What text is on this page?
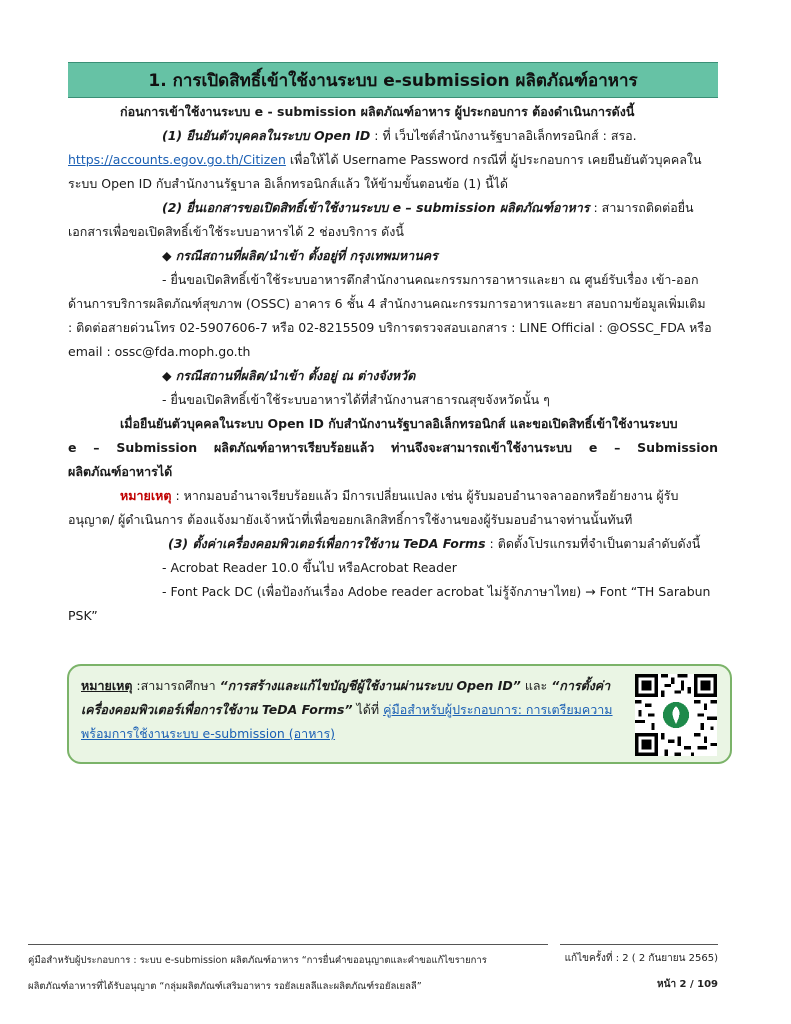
1. การเปิดสิทธิ์เข้าใช้งานระบบ e-submission ผลิตภัณฑ์อาหาร
ก่อนการเข้าใช้งานระบบ e - submission ผลิตภัณฑ์อาหาร ผู้ประกอบการ ต้องดำเนินการดังนี้
(1) ยืนยันตัวบุคคลในระบบ Open ID : ที่ เว็บไซต์สำนักงานรัฐบาลอิเล็กทรอนิกส์ : สรอ.
https://accounts.egov.go.th/Citizen เพื่อให้ได้ Username Password กรณีที่ ผู้ประกอบการ เคยยืนยันตัวบุคคลใน
ระบบ Open ID กับสำนักงานรัฐบาล อิเล็กทรอนิกส์แล้ว ให้ข้ามขั้นตอนข้อ (1) นี้ได้
(2) ยื่นเอกสารขอเปิดสิทธิ์เข้าใช้งานระบบ e – submission ผลิตภัณฑ์อาหาร : สามารถติดต่อยื่น
เอกสารเพื่อขอเปิดสิทธิ์เข้าใช้ระบบอาหารได้ 2 ช่องบริการ ดังนี้
◆ กรณีสถานที่ผลิต/นำเข้า ตั้งอยู่ที่ กรุงเทพมหานคร
- ยื่นขอเปิดสิทธิ์เข้าใช้ระบบอาหารตึกสำนักงานคณะกรรมการอาหารและยา ณ ศูนย์รับเรื่อง เข้า-ออก
ด้านการบริการผลิตภัณฑ์สุขภาพ (OSSC) อาคาร 6 ชั้น 4 สำนักงานคณะกรรมการอาหารและยา สอบถามข้อมูลเพิ่มเติม
: ติดต่อสายด่วนโทร 02-5907606-7 หรือ 02-8215509 บริการตรวจสอบเอกสาร : LINE Official : @OSSC_FDA หรือ
email : ossc@fda.moph.go.th
◆ กรณีสถานที่ผลิต/นำเข้า ตั้งอยู่ ณ ต่างจังหวัด
- ยื่นขอเปิดสิทธิ์เข้าใช้ระบบอาหารได้ที่สำนักงานสาธารณสุขจังหวัดนั้น ๆ
เมื่อยืนยันตัวบุคคลในระบบ Open ID กับสำนักงานรัฐบาลอิเล็กทรอนิกส์ และขอเปิดสิทธิ์เข้าใช้งานระบบ
e – Submission ผลิตภัณฑ์อาหารเรียบร้อยแล้ว ท่านจึงจะสามารถเข้าใช้งานระบบ e – Submission
ผลิตภัณฑ์อาหารได้
หมายเหตุ : หากมอบอำนาจเรียบร้อยแล้ว มีการเปลี่ยนแปลง เช่น ผู้รับมอบอำนาจลาออกหรือย้ายงาน ผู้รับ
อนุญาต/ ผู้ดำเนินการ ต้องแจ้งมายังเจ้าหน้าที่เพื่อขอยกเลิกสิทธิ์การใช้งานของผู้รับมอบอำนาจท่านนั้นทันที
(3) ตั้งค่าเครื่องคอมพิวเตอร์เพื่อการใช้งาน TeDA Forms : ติดตั้งโปรแกรมที่จำเป็นตามลำดับดังนี้
- Acrobat Reader 10.0 ขึ้นไป หรือAcrobat Reader
- Font Pack DC (เพื่อป้องกันเรื่อง Adobe reader acrobat ไม่รู้จักภาษาไทย) → Font “TH Sarabun
PSK”
หมายเหตุ :สามารถศึกษา “การสร้างและแก้ไขบัญชีผู้ใช้งานผ่านระบบ Open ID” และ “การตั้งค่า
เครื่องคอมพิวเตอร์เพื่อการใช้งาน TeDA Forms” ได้ที่ คู่มือสำหรับผู้ประกอบการ: การเตรียมความ
พร้อมการใช้งานระบบ e-submission (อาหาร)
คู่มือสำหรับผู้ประกอบการ : ระบบ e-submission ผลิตภัณฑ์อาหาร “การยื่นคำขออนุญาตและคำขอแก้ไขรายการ
ผลิตภัณฑ์อาหารที่ได้รับอนุญาต “กลุ่มผลิตภัณฑ์เสริมอาหาร รอยัลเยลลีและผลิตภัณฑ์รอยัลเยลลี”
แก้ไขครั้งที่ : 2 ( 2 กันยายน 2565)
หน้า 2 / 109
